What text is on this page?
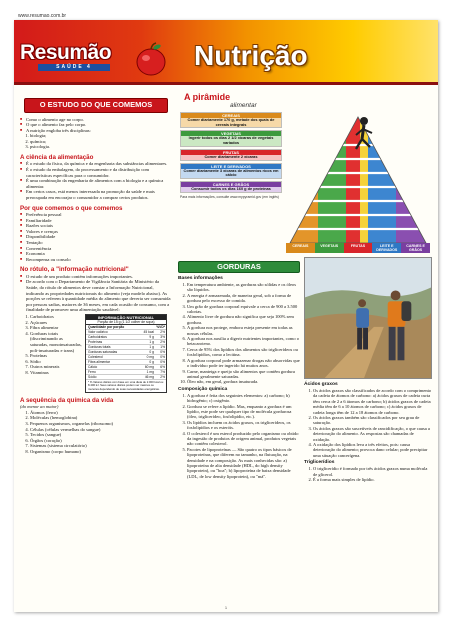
www.resumao.com.br
Resumão
SAÚDE 4	Nutrição
O ESTUDO DO QUE COMEMOS
■ Como o alimento age no corpo.
■ O que o alimento faz pelo corpo.
■ A nutrição engloba três disciplinas:
1. biologia;
2. química;
3. psicologia.
A ciência da alimentação
■ É o estudo da física, da química e da engenharia das substâncias alimentares.
■ É o estudo da embalagem, do processamento e da distribuição com características específicas para o consumidor.
■ É uma combinação da engenharia de alimentos com a biologia e a química alimentar.
■ Em certos casos, está menos interessada na promoção da saúde e mais preocupada em encorajar o consumidor a comprar certos produtos.
Por que comemos o que comemos
■ Preferência pessoal
■ Familiaridade
■ Razões sociais
■ Valores e crenças
■ Disponibilidade
■ Tentação
■ Conveniência
■ Economia
■ Recompensa ou consolo
No rótulo, a "informação nutricional"
■ O estudo de um produto contém informações importantes.
■ De acordo com o Departamento de Vigilância Sanitária do Ministério da Saúde, do rótulo de alimentos deve constar a Informação Nutricional, indicando as propriedades nutricionais do alimento (veja modelo abaixo). As porções se referem à quantidade média do alimento que deveria ser consumida por pessoas sadias, maiores de 36 meses, em cada ocasião de consumo, com a finalidade de promover uma alimentação saudável:
1. Carboidratos
2. Açúcares
3. Fibra alimentar
4. Gorduras totais (discriminando as saturadas, monoinsaturadas, poli-insaturadas e trans)
5. Proteínas
6. Sódio
7. Outros minerais
8. Vitaminas
INFORMAÇÃO NUTRICIONAL
Porção de 15 g (1 1/2 colher de sopa)
Quantidade por porção	%VD*
Valor calórico	45 kcal	2%
Carboidratos	9 g	3%
Proteínas	1 g	2%
Gorduras totais	1 g	1%
Gorduras saturadas	0 g	0%
Colesterol	0 mg	0%
Fibra alimentar	0 g	0%
Cálcio	60 mg	6%
Ferro	1 mg	7%
Sódio	46 mg	2%
* % Valores diários com base em uma dieta de 2.000 kcal ou 8.400 kJ. Seus valores diários podem ser maiores ou menores dependendo de suas necessidades energéticas.
A sequência da química da vida
(do menor ao maior)
1. Átomos (ferro)
2. Moléculas (hemoglobina)
3. Pequenos organismos, organelas (ribossomo)
4. Células (células vermelhas do sangue)
5. Tecidos (sangue)
6. Órgãos (coração)
7. Sistemas (sistema circulatório)
8. Organismo (corpo humano)
A pirâmide
alimentar
CEREAIS
Comer diariamente 170 g, metade dos quais de cereais integrais
VEGETAIS
Ingerir todos os dias 2 1/2 xícaras de vegetais variados
FRUTAS
Comer diariamente 2 xícaras
LEITE E DERIVADOS
Comer diariamente 3 xícaras de alimentos ricos em cálcio
CARNES E GRÃOS
Consumir todos os dias 160 g de proteínas
Para mais informações, consulte www.mypyramid.gov (em inglês)
CEREAIS	VEGETAIS	FRUTAS	LEITE E DERIVADOS
CARNES E GRÃOS
GORDURAS
Bases informações
1. Em temperatura ambiente, as gorduras são sólidas e os óleos são líquidos.
2. A energia é armazenada, de maneira geral, sob a forma de gordura pelo excesso de comida.
3. Um grão de gordura corporal equivale a cerca de 900 a 3.500 calorias.
4. Alimento livre de gordura não significa que seja 100% sem gordura.
5. A gordura nos protege, embora esteja presente em todas as nossas células.
6. A gordura nos auxilia a digerir nutrientes importantes, como o betacaroteno.
7. Cerca de 95% dos lipídios dos alimentos são triglicerídeos ou fosfolipídios, como a lecitina.
8. A gordura corporal pode armazenar drogas não absorvidas que o indivíduo pode ter ingerido há muitos anos.
9. Carne, manteiga e queijo são alimentos que contêm gordura animal geralmente saturadas.
10. Óleo não, em geral, gordura insaturada.
Composição química
1. A gordura é feita dos seguintes elementos: a) carbono; b) hidrogênio; c) oxigênio.
2. Gordura se refere a lipídio. Mas, enquanto a gordura é um lipídio, este pode ser qualquer tipo de molécula gordurosa (óleo, triglicerídeo, fosfolipídio, etc.).
3. Os lipídios incluem os ácidos graxos, os triglicerídeos, os fosfolipídios e os esteróis.
4. O colesterol é um esterol produzido pelo organismo ou obtido da ingestão de produtos de origem animal, produtos vegetais não contêm colesterol.
5. Pacotes de lipoproteínas — São quatro os tipos básicos de lipoproteínas, que diferem no tamanho, na flutuação, na densidade e na composição. As mais conhecidas são: a) lipoproteína de alta densidade (HDL, do high density lipoprotein), ou "boa"; b) lipoproteína de baixa densidade (LDL, de low density lipoprotein), ou "má".
Ácidos graxos
1. Os ácidos graxos são classificados de acordo com o comprimento da cadeia de átomos de carbono: a) ácidos graxos de cadeia curta têm cerca de 2 a 6 átomos de carbono; b) ácidos graxos de cadeia média têm de 6 a 10 átomos de carbono; c) ácidos graxos de cadeia longa têm de 12 a 18 átomos de carbono.
2. Os ácidos graxos também são classificados por seu grau de saturação.
3. Os ácidos graxos são suscetíveis de rancidificação, o que causa a deterioração do alimento. As respostas são chamadas de oxidação.
4. A oxidação dos lipídios leva a três efeitos, pois: causa deterioração do alimento; provoca dano celular; pode precipitar uma situação cancerígena.
Triglicerídios
1. O triglicerídio é formado por três ácidos graxos numa molécula de glicerol.
2. É a forma mais simples de lipídio.
1
